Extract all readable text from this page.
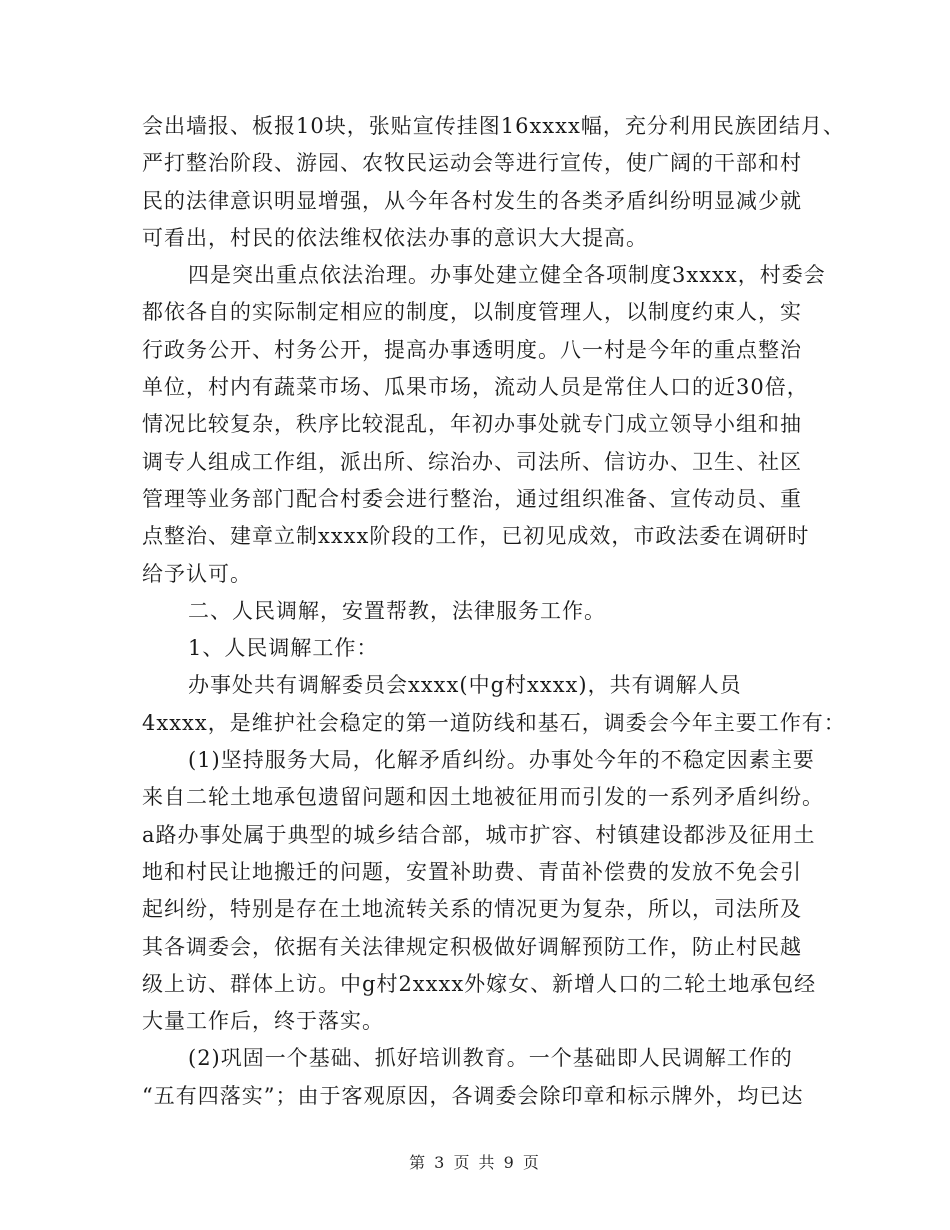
会出墙报、板报10块，张贴宣传挂图16xxxx幅，充分利用民族团结月、
严打整治阶段、游园、农牧民运动会等进行宣传，使广阔的干部和村
民的法律意识明显增强，从今年各村发生的各类矛盾纠纷明显减少就
可看出，村民的依法维权依法办事的意识大大提高。
四是突出重点依法治理。办事处建立健全各项制度3xxxx，村委会
都依各自的实际制定相应的制度，以制度管理人，以制度约束人，实
行政务公开、村务公开，提高办事透明度。八一村是今年的重点整治
单位，村内有蔬菜市场、瓜果市场，流动人员是常住人口的近30倍，
情况比较复杂，秩序比较混乱，年初办事处就专门成立领导小组和抽
调专人组成工作组，派出所、综治办、司法所、信访办、卫生、社区
管理等业务部门配合村委会进行整治，通过组织准备、宣传动员、重
点整治、建章立制xxxx阶段的工作，已初见成效，市政法委在调研时
给予认可。
二、人民调解，安置帮教，法律服务工作。
1、人民调解工作：
办事处共有调解委员会xxxx(中g村xxxx)，共有调解人员
4xxxx，是维护社会稳定的第一道防线和基石，调委会今年主要工作有：
(1)坚持服务大局，化解矛盾纠纷。办事处今年的不稳定因素主要
来自二轮土地承包遗留问题和因土地被征用而引发的一系列矛盾纠纷。
a路办事处属于典型的城乡结合部，城市扩容、村镇建设都涉及征用土
地和村民让地搬迁的问题，安置补助费、青苗补偿费的发放不免会引
起纠纷，特别是存在土地流转关系的情况更为复杂，所以，司法所及
其各调委会，依据有关法律规定积极做好调解预防工作，防止村民越
级上访、群体上访。中g村2xxxx外嫁女、新增人口的二轮土地承包经
大量工作后，终于落实。
(2)巩固一个基础、抓好培训教育。一个基础即人民调解工作的
“五有四落实”；由于客观原因，各调委会除印章和标示牌外，均已达
第 3 页 共 9 页
